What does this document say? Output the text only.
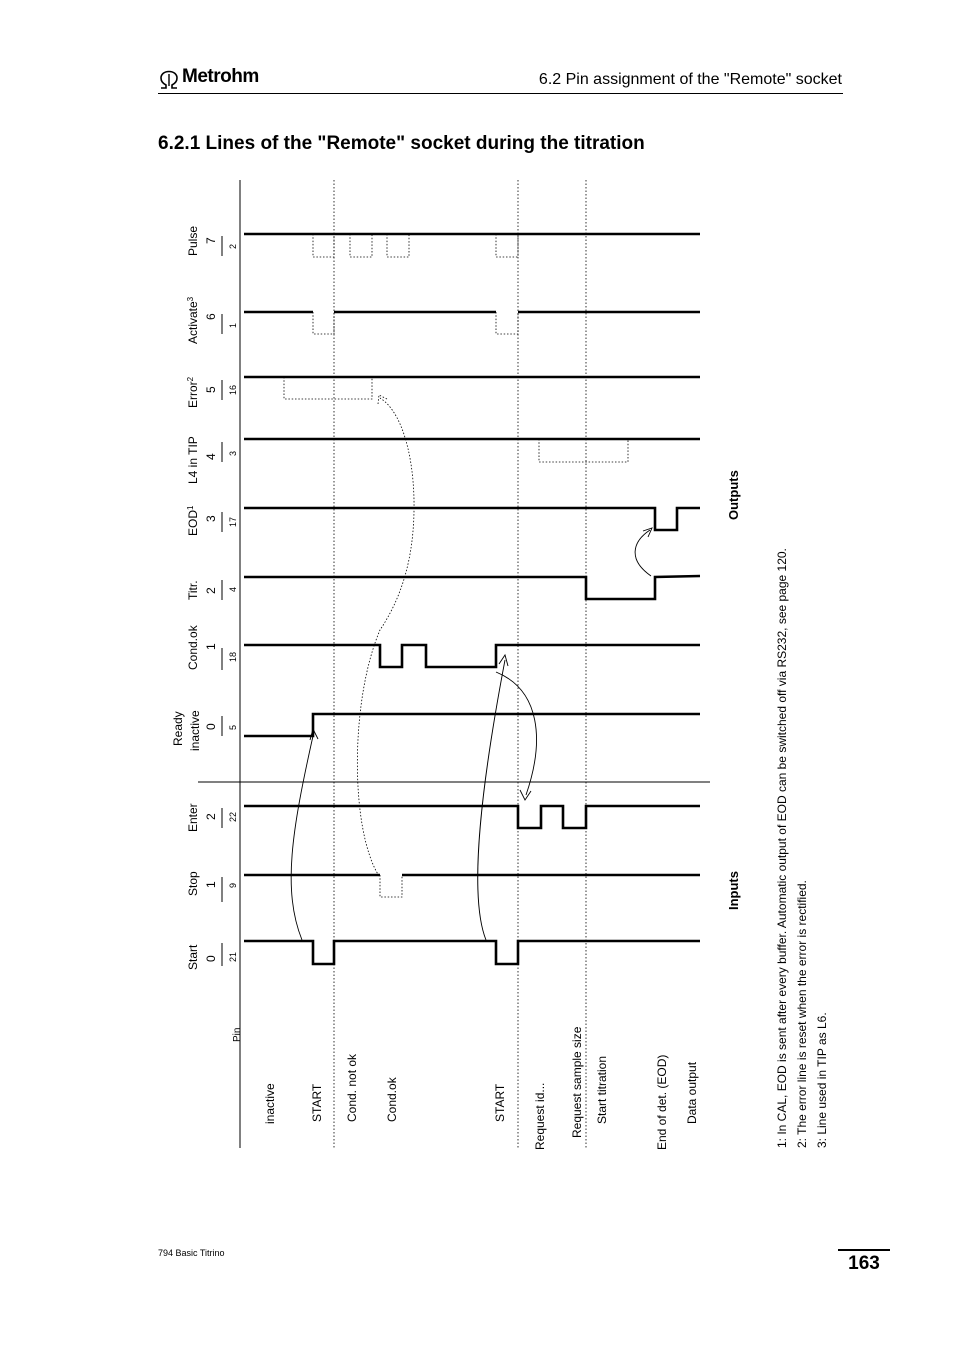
Metrohm	6.2 Pin assignment of the "Remote" socket
6.2.1 Lines of the "Remote" socket during the titration
Start 0 21
Stop 1 9
Enter 2 22
Ready inactive 0 5
Cond.ok 1
18
Titr. 2 4
EOD$^1$
3 17
L4 in TIP 4 3
Error$^2$
5 16
Activate$^3$
6
1
Pulse 7
2
Pin
inactive	START Cond. not ok Cond.ok	START Request id... Request sample size Start titration	End of det. (EOD) Data output
Inputs
Outputs
1: In CAL, EOD is sent after every buffer. Automatic output of EOD can be switched off via RS232, see page 120. 2: The error line is reset when the error is rectified. 3: Line used in TIP as L6.
794 Basic Titrino	163
